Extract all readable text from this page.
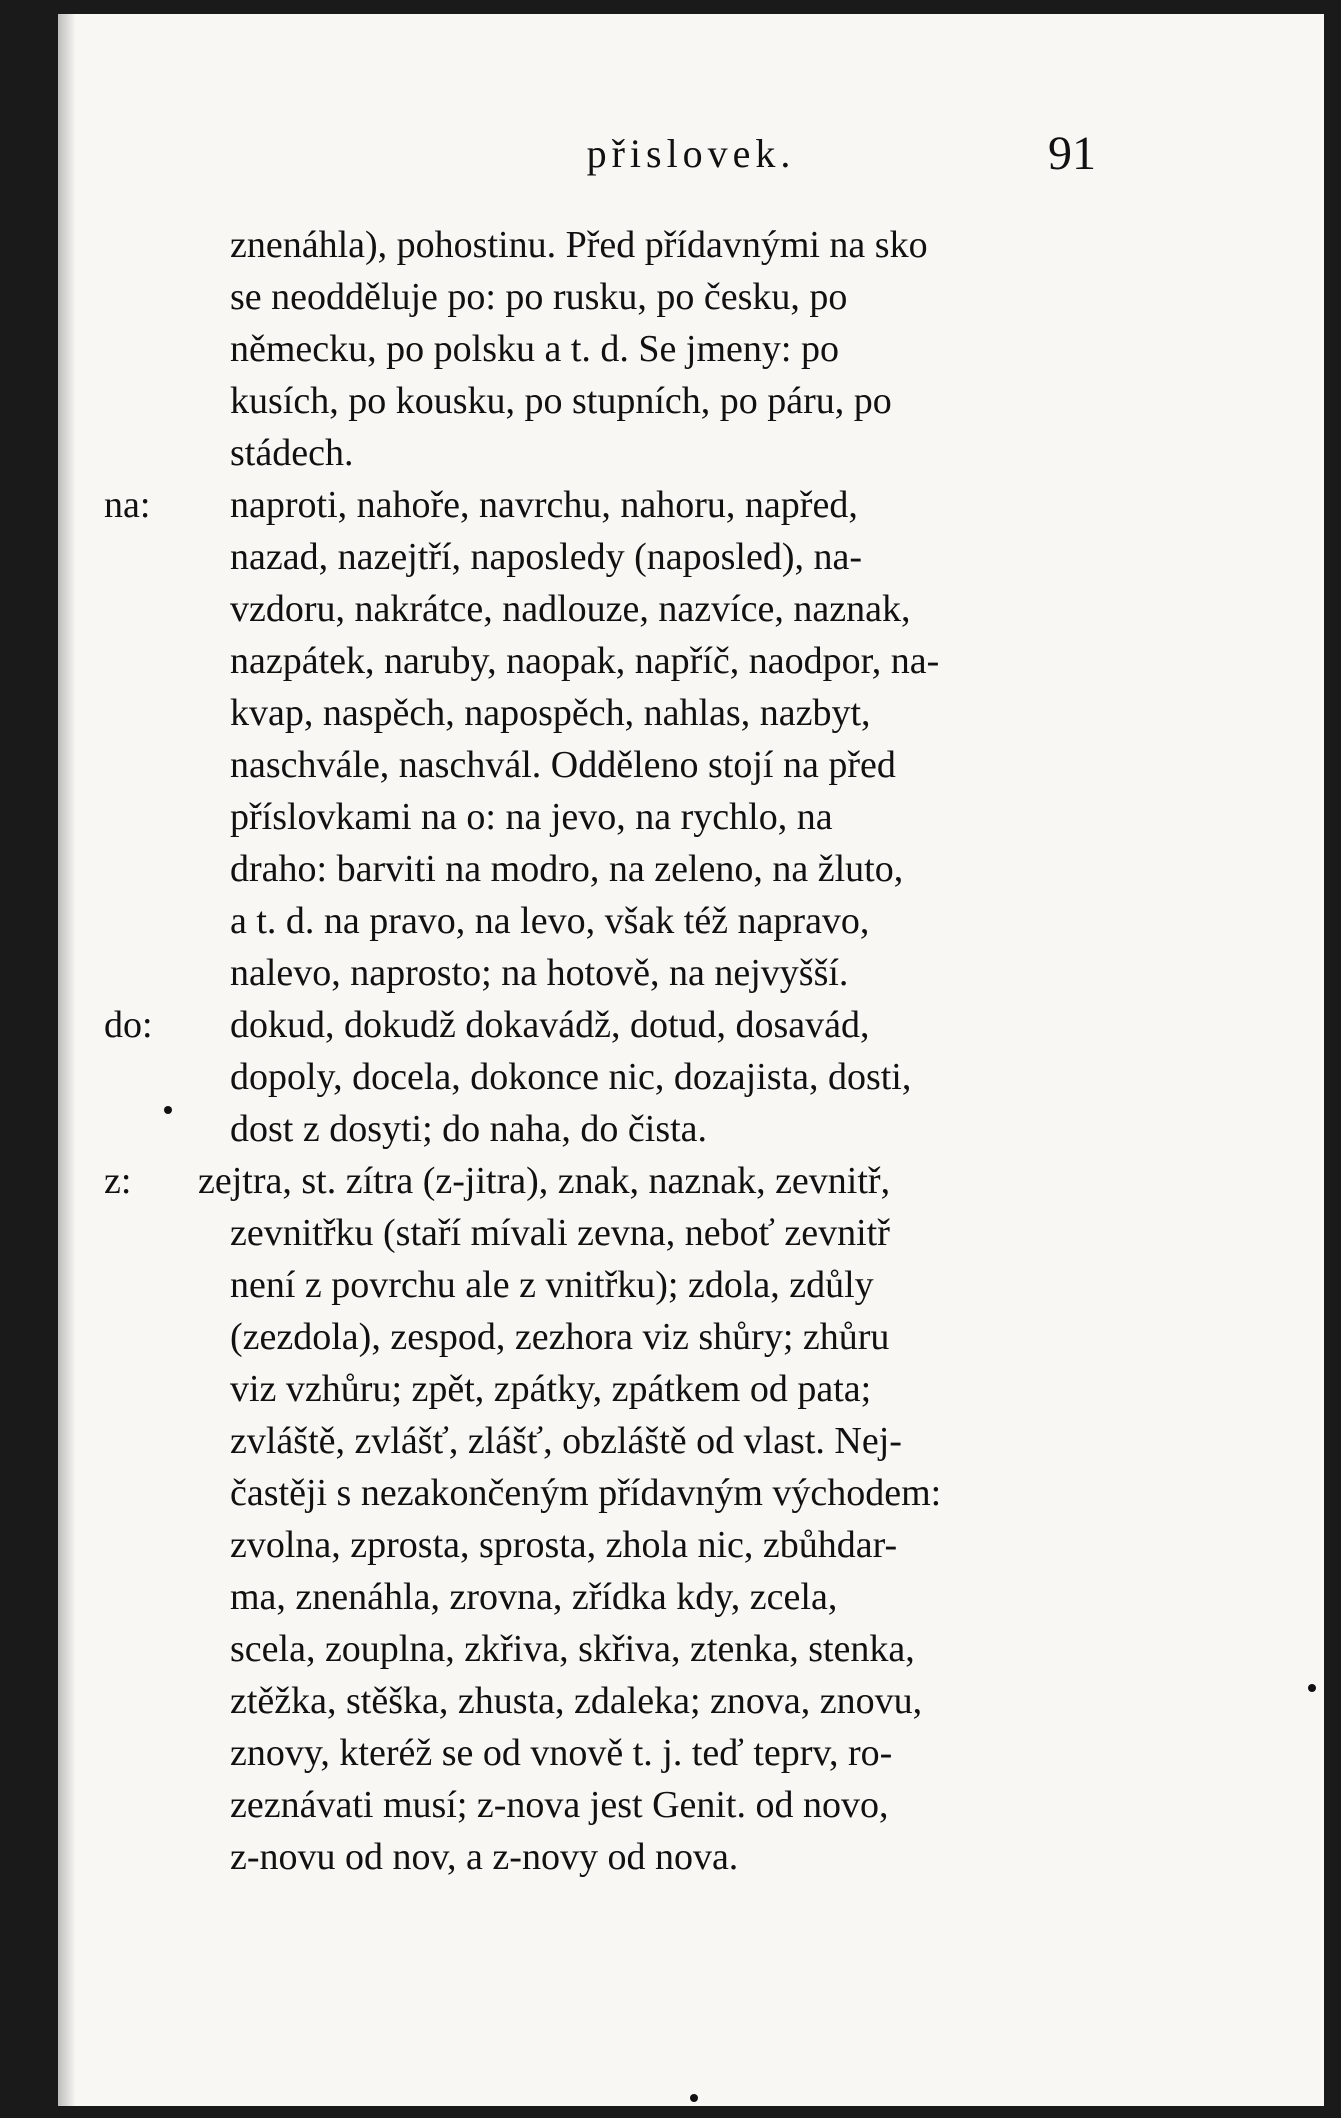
přislovek.	91
znenáhla), pohostinu. Před přídavnými na sko
se neodděluje po: po rusku, po česku, po
německu, po polsku a t. d. Se jmeny: po
kusích, po kousku, po stupních, po páru, po
stádech.
na: naproti, nahoře, navrchu, nahoru, napřed,
nazad, nazejtří, naposledy (naposled), na-
vzdoru, nakrátce, nadlouze, nazvíce, naznak,
nazpátek, naruby, naopak, napříč, naodpor, na-
kvap, naspěch, napospěch, nahlas, nazbyt,
naschvále, naschvál. Odděleno stojí na před
příslovkami na o: na jevo, na rychlo, na
draho: barviti na modro, na zeleno, na žluto,
a t. d. na pravo, na levo, však též napravo,
nalevo, naprosto; na hotově, na nejvyšší.
do: dokud, dokudž dokavádž, dotud, dosavád,
dopoly, docela, dokonce nic, dozajista, dosti,
dost z dosyti; do naha, do čista.
z: zejtra, st. zítra (z-jitra), znak, naznak, zevnitř,
zevnitřku (staří mívali zevna, neboť zevnitř
není z povrchu ale z vnitřku); zdola, zdůly
(zezdola), zespod, zezhora viz shůry; zhůru
viz vzhůru; zpět, zpátky, zpátkem od pata;
zvláště, zvlášť, zlášť, obzláště od vlast. Nej-
častěji s nezakončeným přídavným východem:
zvolna, zprosta, sprosta, zhola nic, zbůhdar-
ma, znenáhla, zrovna, zřídka kdy, zcela,
scela, zouplna, zkřiva, skřiva, ztenka, stenka,
ztěžka, stěška, zhusta, zdaleka; znova, znovu,
znovy, kteréž se od vnově t. j. teď teprv, ro-
zeznávati musí; z-nova jest Genit. od novo,
z-novu od nov, a z-novy od nova.
